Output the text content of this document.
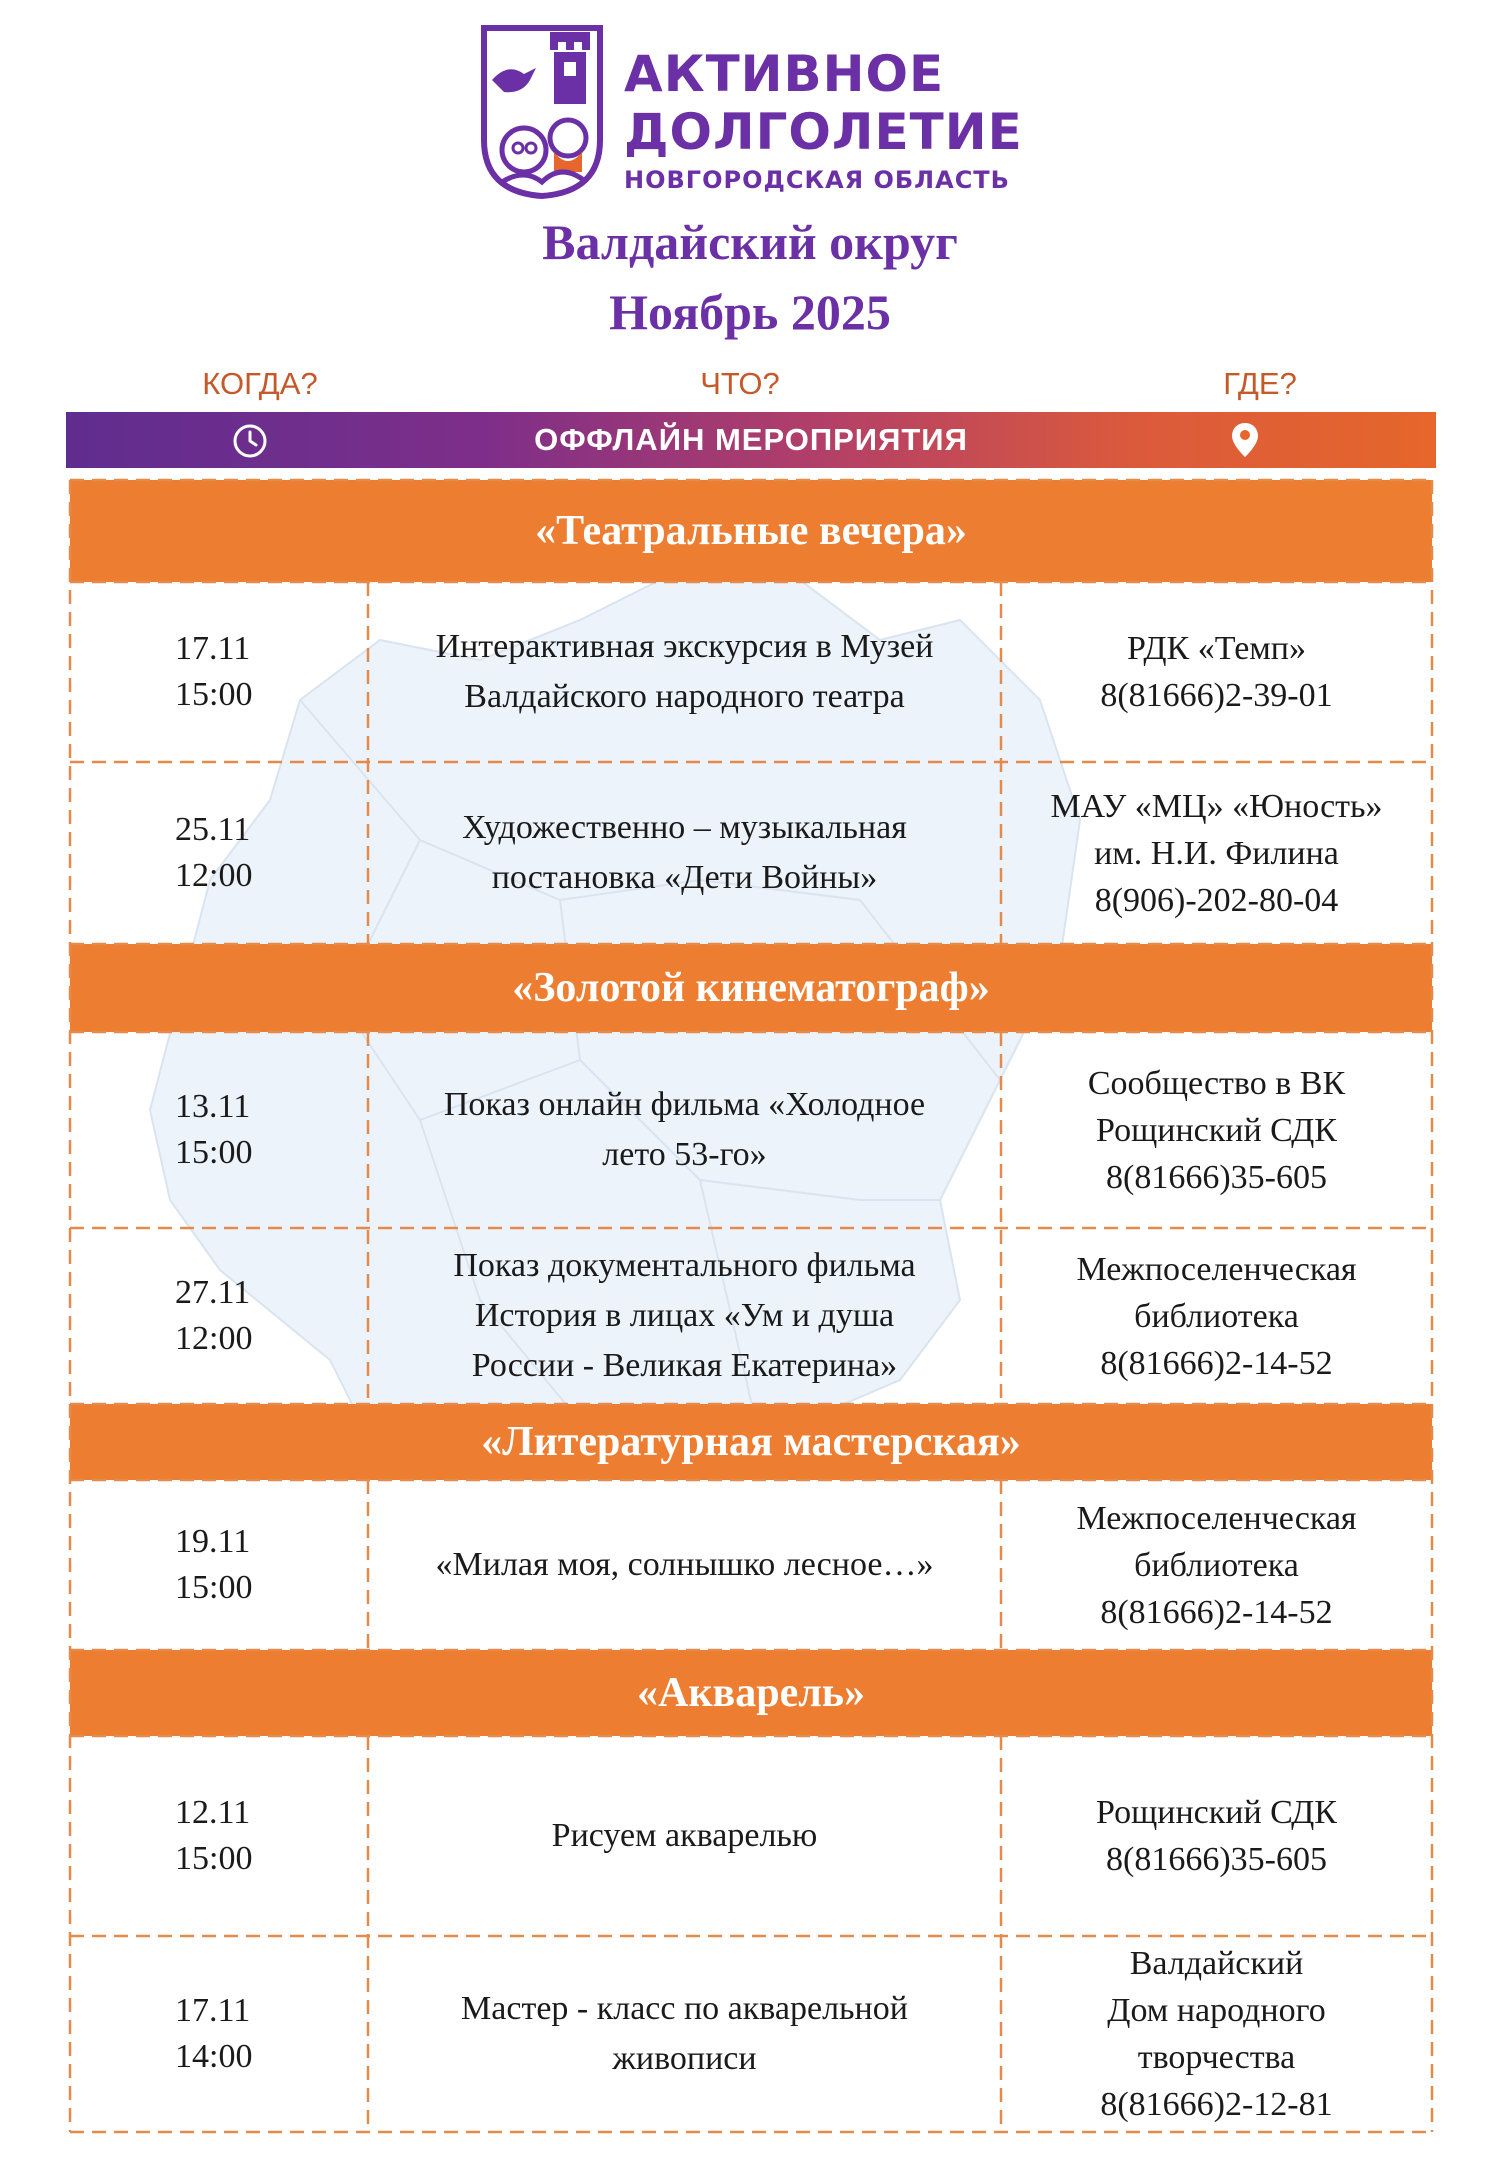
АКТИВНОЕ

ДОЛГОЛЕТИЕ

НОВГОРОДСКАЯ ОБЛАСТЬ

Валдайский округ
Ноябрь 2025

КОГДА?	ЧТО?	ГДЕ?

ОФФЛАЙН МЕРОПРИЯТИЯ
«Театральные вечера»
17.11
15:00
Интерактивная экскурсия в Музей
Валдайского народного театра
РДК «Темп»
8(81666)2-39-01
25.11
12:00
Художественно – музыкальная
постановка «Дети Войны»
МАУ «МЦ» «Юность»
им. Н.И. Филина
8(906)-202-80-04
«Золотой кинематограф»
13.11
15:00
Показ онлайн фильма «Холодное
лето 53-го»
Сообщество в ВК
Рощинский СДК
8(81666)35-605
27.11
12:00
Показ документального фильма
История в лицах «Ум и душа
России - Великая Екатерина»
Межпоселенческая
библиотека
8(81666)2-14-52
«Литературная мастерская»
19.11
15:00
«Милая моя, солнышко лесное…»
Межпоселенческая
библиотека
8(81666)2-14-52
«Акварель»
12.11
15:00
Рисуем акварелью
Рощинский СДК
8(81666)35-605
17.11
14:00
Мастер - класс по акварельной
живописи
Валдайский
Дом народного
творчества
8(81666)2-12-81
